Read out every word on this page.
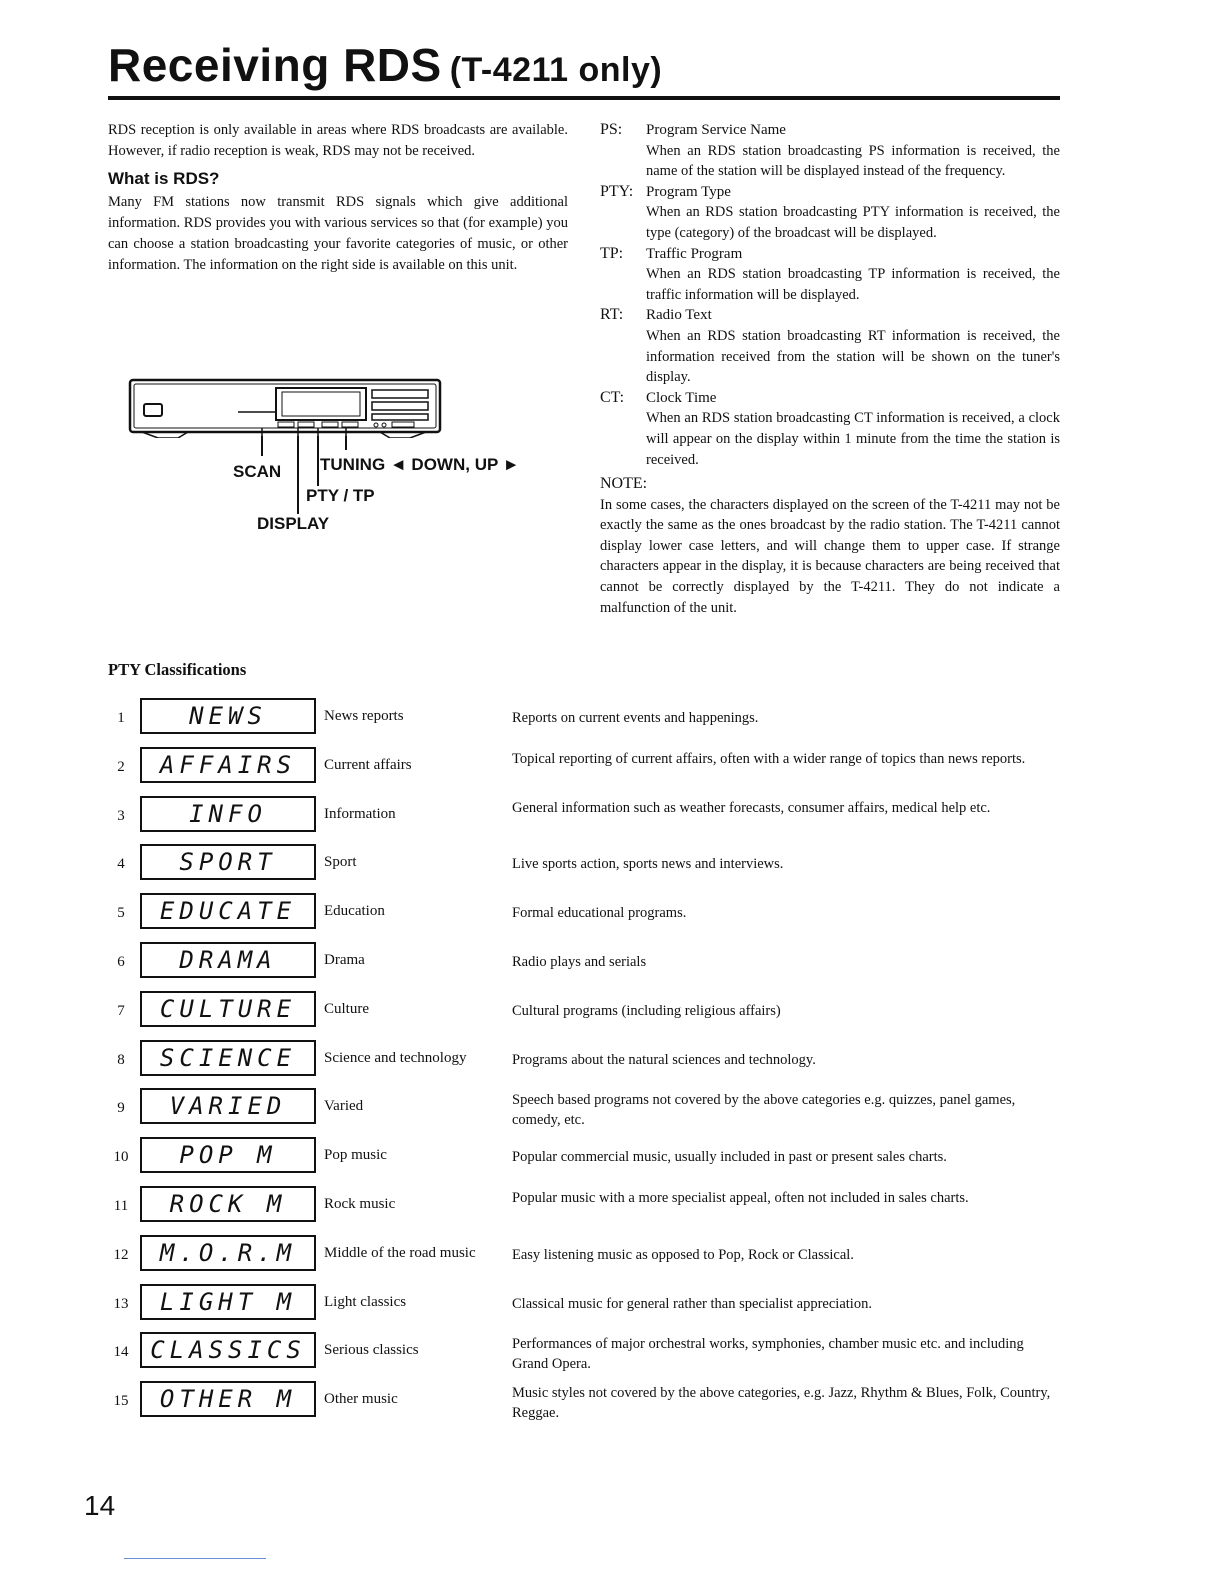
Receiving RDS (T-4211 only)

RDS reception is only available in areas where RDS broadcasts are available. However, if radio reception is weak, RDS may not be received.

What is RDS?

Many FM stations now transmit RDS signals which give additional information. RDS provides you with various services so that (for example) you can choose a station broadcasting your favorite categories of music, or other information. The information on the right side is available on this unit.

SCAN TUNING ◄ DOWN, UP ►
PTY / TP
DISPLAY
PS:	Program Service Name
When an RDS station broadcasting PS information is received, the name of the station will be displayed instead of the frequency.
PTY: Program Type
When an RDS station broadcasting PTY information is received, the type (category) of the broadcast will be displayed.
TP:	Traffic Program
When an RDS station broadcasting TP information is received, the traffic information will be displayed.
RT:	Radio Text
When an RDS station broadcasting RT information is received, the information received from the station will be shown on the tuner's display.
CT:	Clock Time
When an RDS station broadcasting CT information is received, a clock will appear on the display within 1 minute from the time the station is received.
NOTE:
In some cases, the characters displayed on the screen of the T-4211 may not be exactly the same as the ones broadcast by the radio station. The T-4211 cannot display lower case letters, and will change them to upper case. If strange characters appear in the display, it is because characters are being received that cannot be correctly displayed by the T-4211. They do not indicate a malfunction of the unit.
PTY Classifications
1	NEWS	News reports	Reports on current events and happenings.
2	AFFAIRS	Current affairs	Topical reporting of current affairs, often with a wider range of topics than news reports.
3	INFO	Information	General information such as weather forecasts, consumer affairs, medical help etc.
4	SPORT	Sport	Live sports action, sports news and interviews.
5	EDUCATE	Education	Formal educational programs.
6	DRAMA	Drama	Radio plays and serials
7	CULTURE	Culture	Cultural programs (including religious affairs)
8	SCIENCE	Science and technology	Programs about the natural sciences and technology.
9	VARIED	Varied	Speech based programs not covered by the above categories e.g. quizzes, panel games, comedy, etc.
10	POP M	Pop music	Popular commercial music, usually included in past or present sales charts.
11	ROCK M	Rock music	Popular music with a more specialist appeal, often not included in sales charts.
12	M.O.R.M	Middle of the road music	Easy listening music as opposed to Pop, Rock or Classical.
13	LIGHT M	Light classics	Classical music for general rather than specialist appreciation.
14 CLASSICS	Serious classics	Performances of major orchestral works, symphonies, chamber music etc. and including Grand Opera.
15	OTHER M	Other music	Music styles not covered by the above categories, e.g. Jazz, Rhythm & Blues, Folk, Country, Reggae.
14
